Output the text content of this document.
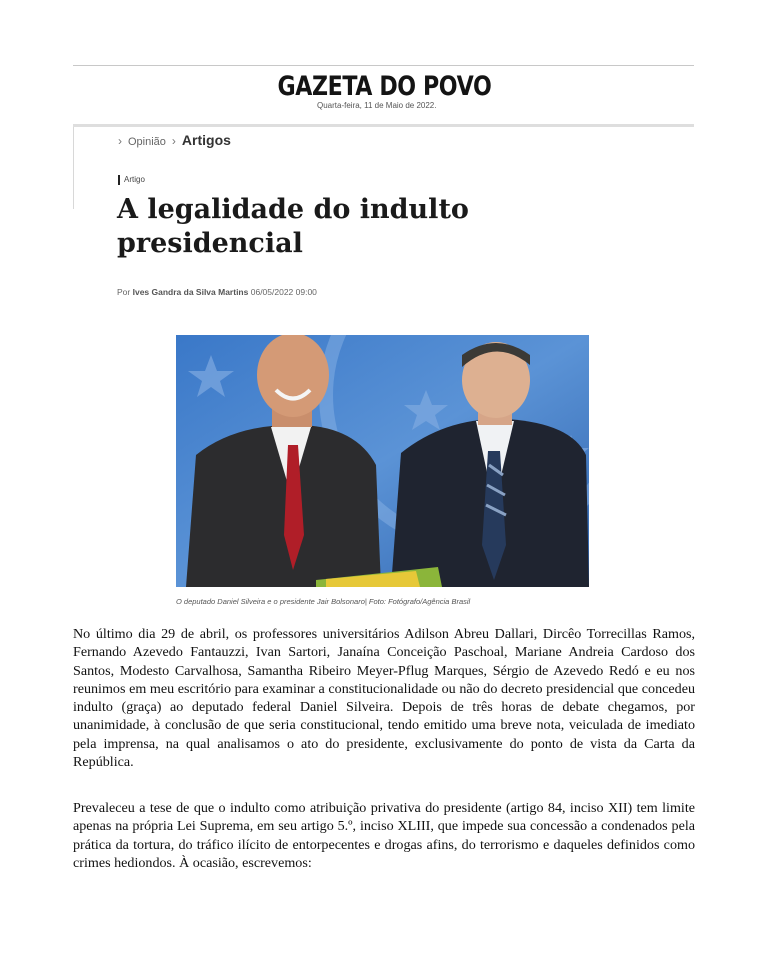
GAZETA DO POVO
Quarta-feira, 11 de Maio de 2022.
› Opinião › Artigos
Artigo
A legalidade do indulto presidencial
Por Ives Gandra da Silva Martins 06/05/2022 09:00
O deputado Daniel Silveira e o presidente Jair Bolsonaro| Foto: Fotógrafo/Agência Brasil

No último dia 29 de abril, os professores universitários Adilson Abreu Dallari, Dircêo Torrecillas Ramos, Fernando Azevedo Fantauzzi, Ivan Sartori, Janaína Conceição Paschoal, Mariane Andreia Cardoso dos Santos, Modesto Carvalhosa, Samantha Ribeiro Meyer-Pflug Marques, Sérgio de Azevedo Redó e eu nos reunimos em meu escritório para examinar a constitucionalidade ou não do decreto presidencial que concedeu indulto (graça) ao deputado federal Daniel Silveira. Depois de três horas de debate chegamos, por unanimidade, à conclusão de que seria constitucional, tendo emitido uma breve nota, veiculada de imediato pela imprensa, na qual analisamos o ato do presidente, exclusivamente do ponto de vista da Carta da República.

Prevaleceu a tese de que o indulto como atribuição privativa do presidente (artigo 84, inciso XII) tem limite apenas na própria Lei Suprema, em seu artigo 5.º, inciso XLIII, que impede sua concessão a condenados pela prática da tortura, do tráfico ilícito de entorpecentes e drogas afins, do terrorismo e daqueles definidos como crimes hediondos. À ocasião, escrevemos:
